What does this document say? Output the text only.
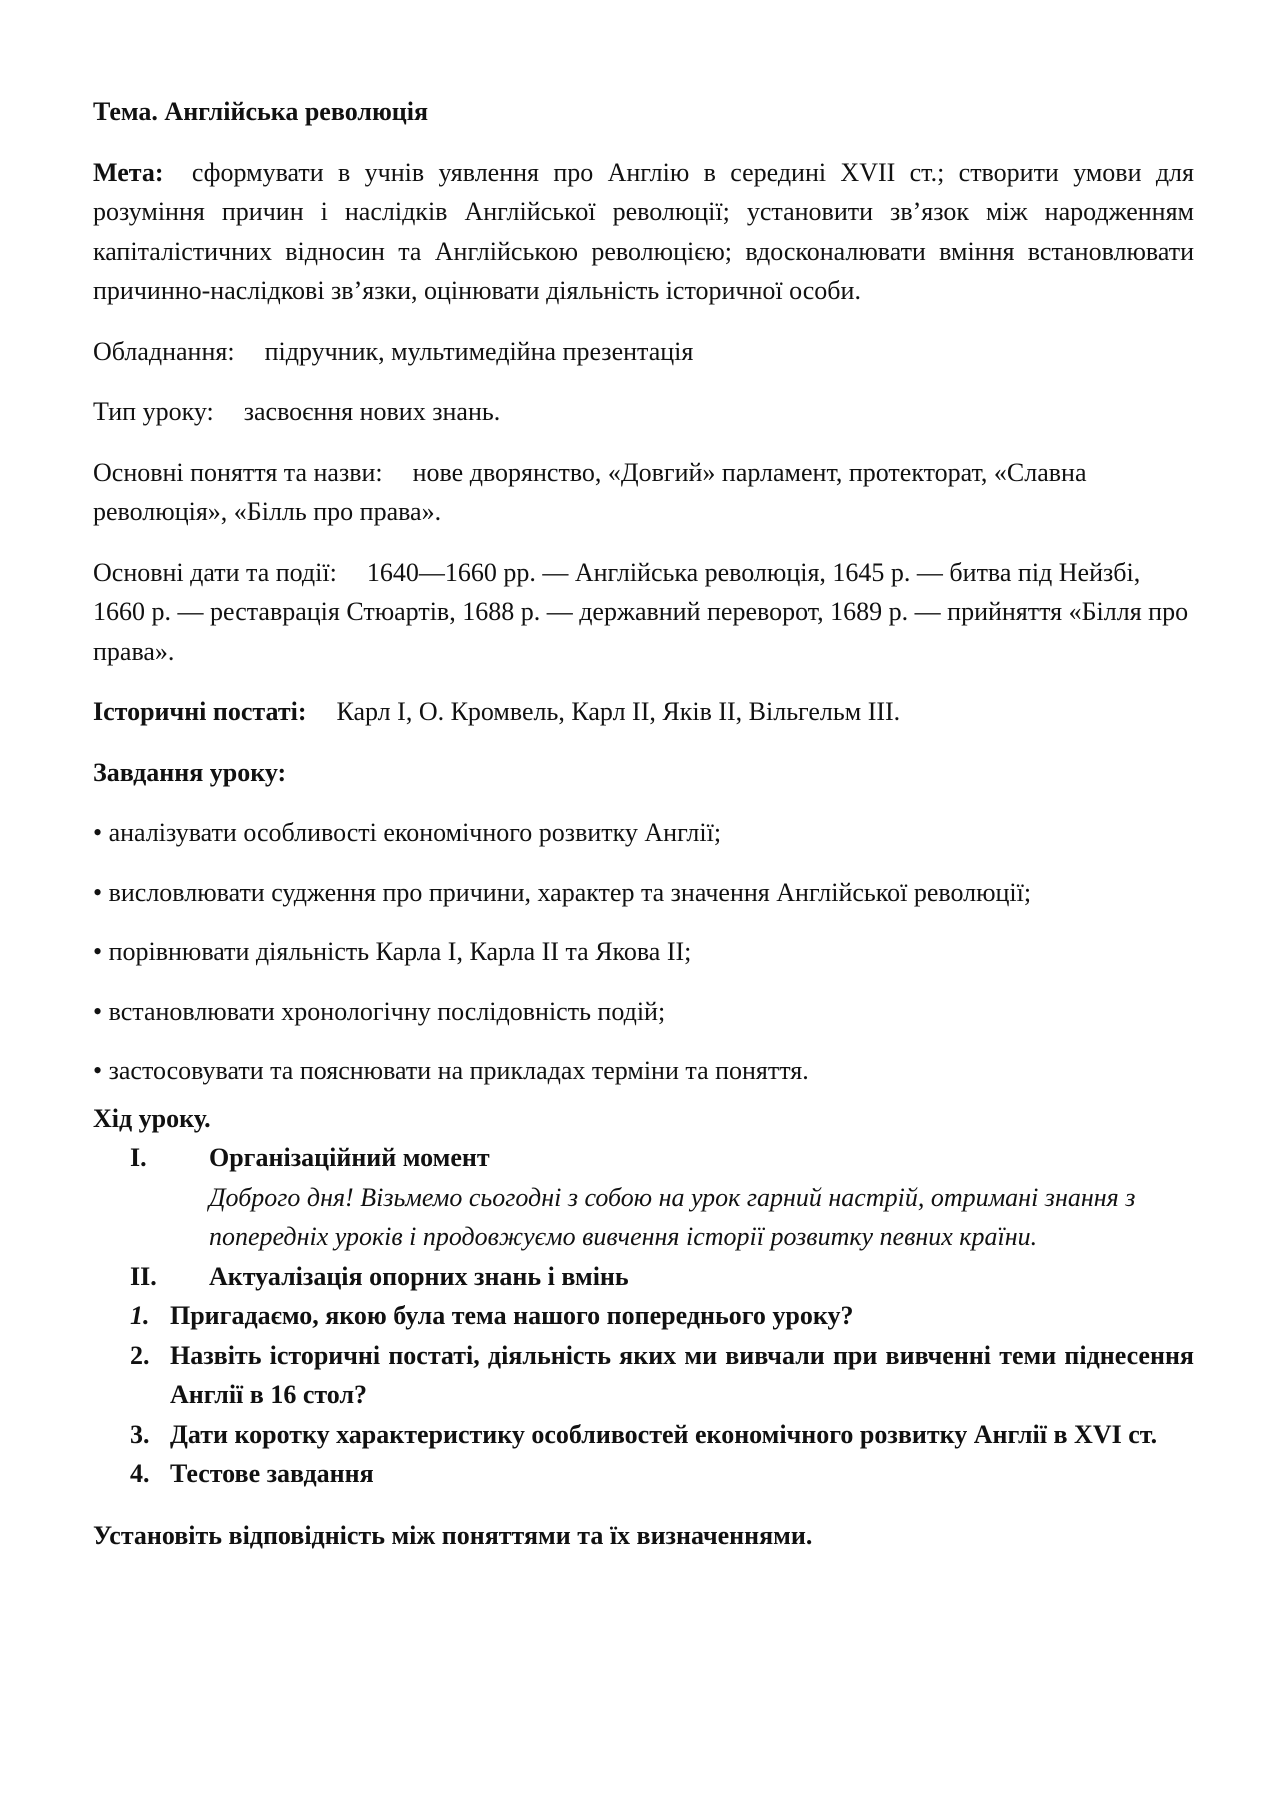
Тема. Англійська революція

Мета: сформувати в учнів уявлення про Англію в середині XVII ст.; створити умови для розуміння причин і наслідків Англійської революції; установити зв’язок між народженням капіталістичних відносин та Англійською революцією; вдосконалювати вміння встановлювати причинно-наслідкові зв’язки, оцінювати діяльність історичної особи.

Обладнання: підручник, мультимедійна презентація

Тип уроку: засвоєння нових знань.

Основні поняття та назви: нове дворянство, «Довгий» парламент, протекторат, «Славна революція», «Білль про права».

Основні дати та події: 1640—1660 рр. — Англійська революція, 1645 р. — битва під Нейзбі, 1660 р. — реставрація Стюартів, 1688 р. — державний переворот, 1689 р. — прийняття «Білля про права».

Історичні постаті: Карл І, О. Кромвель, Карл ІІ, Яків ІІ, Вільгельм ІІІ.

Завдання уроку:

• аналізувати особливості економічного розвитку Англії;

• висловлювати судження про причини, характер та значення Англійської революції;

• порівнювати діяльність Карла І, Карла ІІ та Якова ІІ;

• встановлювати хронологічну послідовність подій;

• застосовувати та пояснювати на прикладах терміни та поняття.

Хід уроку.

I.	Організаційний момент

Доброго дня! Візьмемо сьогодні з собою на урок гарний настрій, отримані знання з попередніх уроків і продовжуємо вивчення історії розвитку певних країни.

II.	Актуалізація опорних знань і вмінь

1. Пригадаємо, якою була тема нашого попереднього уроку?

2. Назвіть історичні постаті, діяльність яких ми вивчали при вивченні теми піднесення Англії в 16 стол?

3. Дати коротку характеристику особливостей економічного розвитку Англії в XVI ст.

4. Тестове завдання

Установіть відповідність між поняттями та їх визначеннями.
